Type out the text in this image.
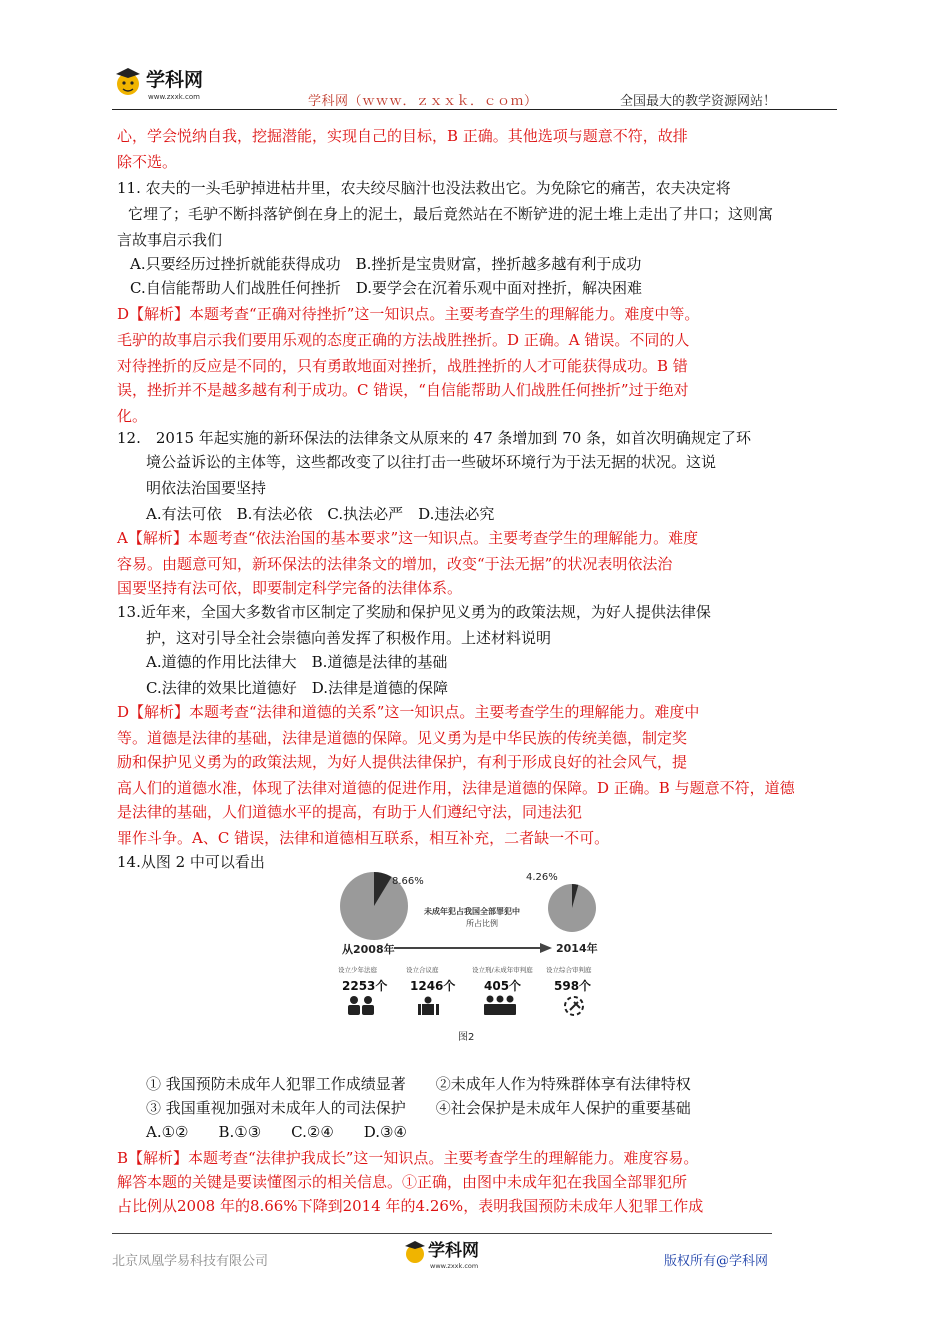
学科网
www.zxxk.com	学科网（ｗｗｗ．ｚｘｘｋ．ｃｏｍ）	全国最大的教学资源网站！
心，学会悦纳自我，挖掘潜能，实现自己的目标，B 正确。其他选项与题意不符，故排
除不选。
11. 农夫的一头毛驴掉进枯井里，农夫绞尽脑汁也没法救出它。为免除它的痛苦，农夫决定将
它埋了；毛驴不断抖落铲倒在身上的泥土，最后竟然站在不断铲进的泥土堆上走出了井口；这则寓
言故事启示我们
A.只要经历过挫折就能获得成功　B.挫折是宝贵财富，挫折越多越有利于成功
C.自信能帮助人们战胜任何挫折　D.要学会在沉着乐观中面对挫折，解决困难
D【解析】本题考查“正确对待挫折”这一知识点。主要考查学生的理解能力。难度中等。
毛驴的故事启示我们要用乐观的态度正确的方法战胜挫折。D 正确。A 错误。不同的人
对待挫折的反应是不同的，只有勇敢地面对挫折，战胜挫折的人才可能获得成功。B 错
误，挫折并不是越多越有利于成功。C 错误，“自信能帮助人们战胜任何挫折”过于绝对
化。
12.　2015 年起实施的新环保法的法律条文从原来的 47 条增加到 70 条，如首次明确规定了环
境公益诉讼的主体等，这些都改变了以往打击一些破坏环境行为于法无据的状况。这说
明依法治国要坚持
A.有法可依　B.有法必依　C.执法必严　D.违法必究
A【解析】本题考查“依法治国的基本要求”这一知识点。主要考查学生的理解能力。难度
容易。由题意可知，新环保法的法律条文的增加，改变“于法无据”的状况表明依法治
国要坚持有法可依，即要制定科学完备的法律体系。
13.近年来，全国大多数省市区制定了奖励和保护见义勇为的政策法规，为好人提供法律保
护，这对引导全社会崇德向善发挥了积极作用。上述材料说明
A.道德的作用比法律大　B.道德是法律的基础
C.法律的效果比道德好　D.法律是道德的保障
D【解析】本题考查“法律和道德的关系”这一知识点。主要考查学生的理解能力。难度中
等。道德是法律的基础，法律是道德的保障。见义勇为是中华民族的传统美德，制定奖
励和保护见义勇为的政策法规，为好人提供法律保护，有利于形成良好的社会风气，提
高人们的道德水准，体现了法律对道德的促进作用，法律是道德的保障。D 正确。B 与题意不符，道德
是法律的基础，人们道德水平的提高，有助于人们遵纪守法，同违法犯
罪作斗争。A、C 错误，法律和道德相互联系，相互补充，二者缺一不可。
14.从图 2 中可以看出
8.66%	4.26%
未成年犯占我国全部罪犯中
所占比例
从2008年	2014年
设立少年法庭	设立合议庭	设立刑/未成年审判庭 设立综合审判庭
2253个 1246个 405个	598个
图2
① 我国预防未成年人犯罪工作成绩显著　　②未成年人作为特殊群体享有法律特权
③ 我国重视加强对未成年人的司法保护　　④社会保护是未成年人保护的重要基础
A.①②　　B.①③　　C.②④　　D.③④
B【解析】本题考查“法律护我成长”这一知识点。主要考查学生的理解能力。难度容易。
解答本题的关键是要读懂图示的相关信息。①正确，由图中未成年犯在我国全部罪犯所
占比例从2008 年的8.66%下降到2014 年的4.26%，表明我国预防未成年人犯罪工作成
北京凤凰学易科技有限公司
学科网
www.zxxk.com	版权所有@学科网
